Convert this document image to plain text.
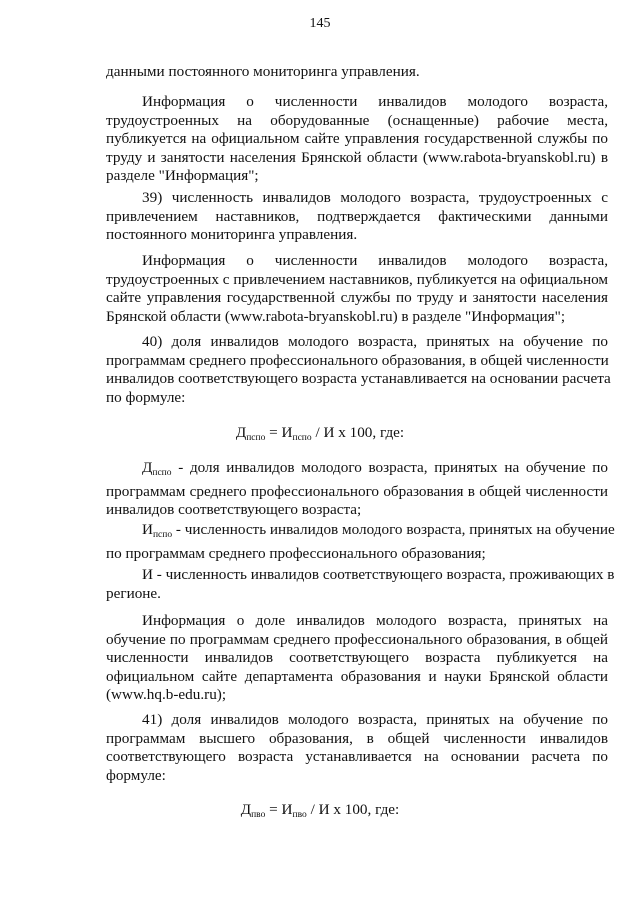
145
данными постоянного мониторинга управления.
Информация о численности инвалидов молодого возраста,
трудоустроенных на оборудованные (оснащенные) рабочие места,
публикуется на официальном сайте управления государственной службы по
труду и занятости населения Брянской области (www.rabota-bryanskobl.ru) в
разделе "Информация";
39) численность инвалидов молодого возраста, трудоустроенных с
привлечением наставников, подтверждается фактическими данными
постоянного мониторинга управления.
Информация о численности инвалидов молодого возраста,
трудоустроенных с привлечением наставников, публикуется на официальном
сайте управления государственной службы по труду и занятости населения
Брянской области (www.rabota-bryanskobl.ru) в разделе "Информация";
40) доля инвалидов молодого возраста, принятых на обучение по
программам среднего профессионального образования, в общей численности
инвалидов соответствующего возраста устанавливается на основании расчета
по формуле:
$Д_{пспо} = И_{пспо} / И$ x 100, где:
$Д_{пспо}$ - доля инвалидов молодого возраста, принятых на обучение по
программам среднего профессионального образования в общей численности
инвалидов соответствующего возраста;
$И_{пспо}$ - численность инвалидов молодого возраста, принятых на обучение
по программам среднего профессионального образования;
И - численность инвалидов соответствующего возраста, проживающих в
регионе.
Информация о доле инвалидов молодого возраста, принятых на
обучение по программам среднего профессионального образования, в общей
численности инвалидов соответствующего возраста публикуется на
официальном сайте департамента образования и науки Брянской области
(www.hq.b-edu.ru);
41) доля инвалидов молодого возраста, принятых на обучение по
программам высшего образования, в общей численности инвалидов
соответствующего возраста устанавливается на основании расчета по
формуле:
$Д_{пво} = И_{пво} / И$ x 100, где:
